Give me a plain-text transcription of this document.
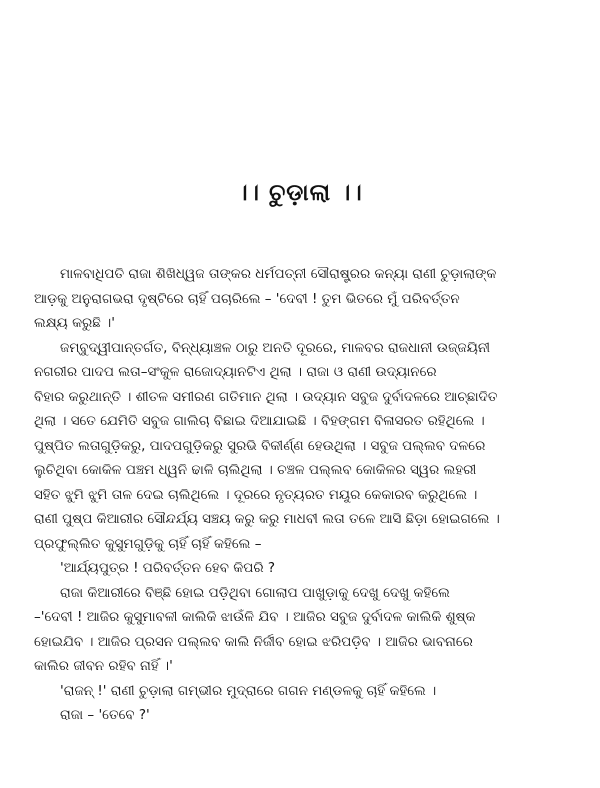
।। ଚୁଡ଼ାଲା ।।
ମାଳବାଧିପତି ରାଜା ଶିଖିଧ୍ୱଜ ତାଙ୍କର ଧର୍ମପତ୍ନୀ ସୌରାଷ୍ଟ୍ରର କନ୍ୟା ରାଣୀ ଚୁଡ଼ାଲାଙ୍କ
ଆଡ଼କୁ ଅନୁରାଗଭରା ଦୃଷ୍ଟିରେ ଚାହିଁ ପଚାରିଲେ – 'ଦେବୀ ! ତୁମ ଭିତରେ ମୁଁ ପରିବର୍ତ୍ତନ
ଲକ୍ଷ୍ୟ କରୁଛି ।'
ଜମ୍ବୁଦ୍ୱୀପାନ୍ତର୍ଗତ, ବିନ୍ଧ୍ୟାଞ୍ଚଳ ଠାରୁ ଅନତି ଦୂରରେ, ମାଳବର ରାଜଧାନୀ ଉଜ୍ଜୟିନୀ
ନଗରୀର ପାଦପ ଲତା–ସଂକୁଳ ରାଜୋଦ୍ୟାନଟିଏ ଥିଲା । ରାଜା ଓ ରାଣୀ ଉଦ୍ୟାନରେ
ବିହାର କରୁଥାନ୍ତି । ଶୀତଳ ସମୀରଣ ଗତିମାନ ଥିଲା । ଉଦ୍ୟାନ ସବୁଜ ଦୁର୍ବାଦଳରେ ଆଚ୍ଛାଦିତ
ଥିଲା । ସତେ ଯେମିତି ସବୁଜ ଗାଲିଚା ବିଛାଇ ଦିଆଯାଇଛି । ବିହଙ୍ଗମ ବିଳାସରତ ରହିଥିଲେ ।
ପୁଷ୍ପିତ ଲତାଗୁଡ଼ିକରୁ, ପାଦପଗୁଡ଼ିକରୁ ସୁରଭି ବିକୀର୍ଣ୍ଣ ହେଉଥିଲା । ସବୁଜ ପଲ୍ଲବ ଦଳରେ
ଲୁଚିଥିବା କୋକିଳ ପଞ୍ଚମ ଧ୍ୱନି ଢାଳି ଚାଲିଥିଲା । ଚଞ୍ଚଳ ପଲ୍ଲବ କୋକିଳର ସ୍ୱର ଲହରୀ
ସହିତ ଝୁମି ଝୁମି ତାଳ ଦେଇ ଚାଲିଥିଲେ । ଦୂରରେ ନୃତ୍ୟରତ ମୟୂର କେକାରବ କରୁଥିଲେ ।
ରାଣୀ ପୁଷ୍ପ କିଆରୀର ସୌନ୍ଦର୍ଯ୍ୟ ସଞ୍ଚୟ କରୁ କରୁ ମାଧବୀ ଲତା ତଳେ ଆସି ଛିଡ଼ା ହୋଇଗଲେ ।
ପ୍ରଫୁଲ୍ଲିତ କୁସୁମଗୁଡ଼ିକୁ ଚାହିଁ ଚାହିଁ କହିଲେ –
'ଆର୍ଯ୍ୟପୁତ୍ର ! ପରିବର୍ତ୍ତନ ହେବ କିପରି ?
ରାଜା କିଆରୀରେ ବିଞ୍ଛି ହୋଇ ପଡ଼ିଥିବା ଗୋଲାପ ପାଖୁଡ଼ାକୁ ଦେଖୁ ଦେଖୁ କହିଲେ
–'ଦେବୀ ! ଆଜିର କୁସୁମାବଳୀ କାଲିକି ଝାଉଁଳି ଯିବ । ଆଜିର ସବୁଜ ଦୁର୍ବାଦଳ କାଲିକି ଶୁଷ୍କ
ହୋଇଯିବ । ଆଜିର ପ୍ରସନ ପଲ୍ଲବ କାଲି ନିର୍ଜୀବ ହୋଇ ଝରିପଡ଼ିବ । ଆଜିର ଭାବନାରେ
କାଲିର ଜୀବନ ରହିବ ନାହିଁ ।'
'ରାଜନ୍ !' ରାଣୀ ଚୁଡ଼ାଲା ଗମ୍ଭୀର ମୁଦ୍ରାରେ ଗଗନ ମଣ୍ଡଳକୁ ଚାହିଁ କହିଲେ ।
ରାଜା – 'ତେବେ ?'
